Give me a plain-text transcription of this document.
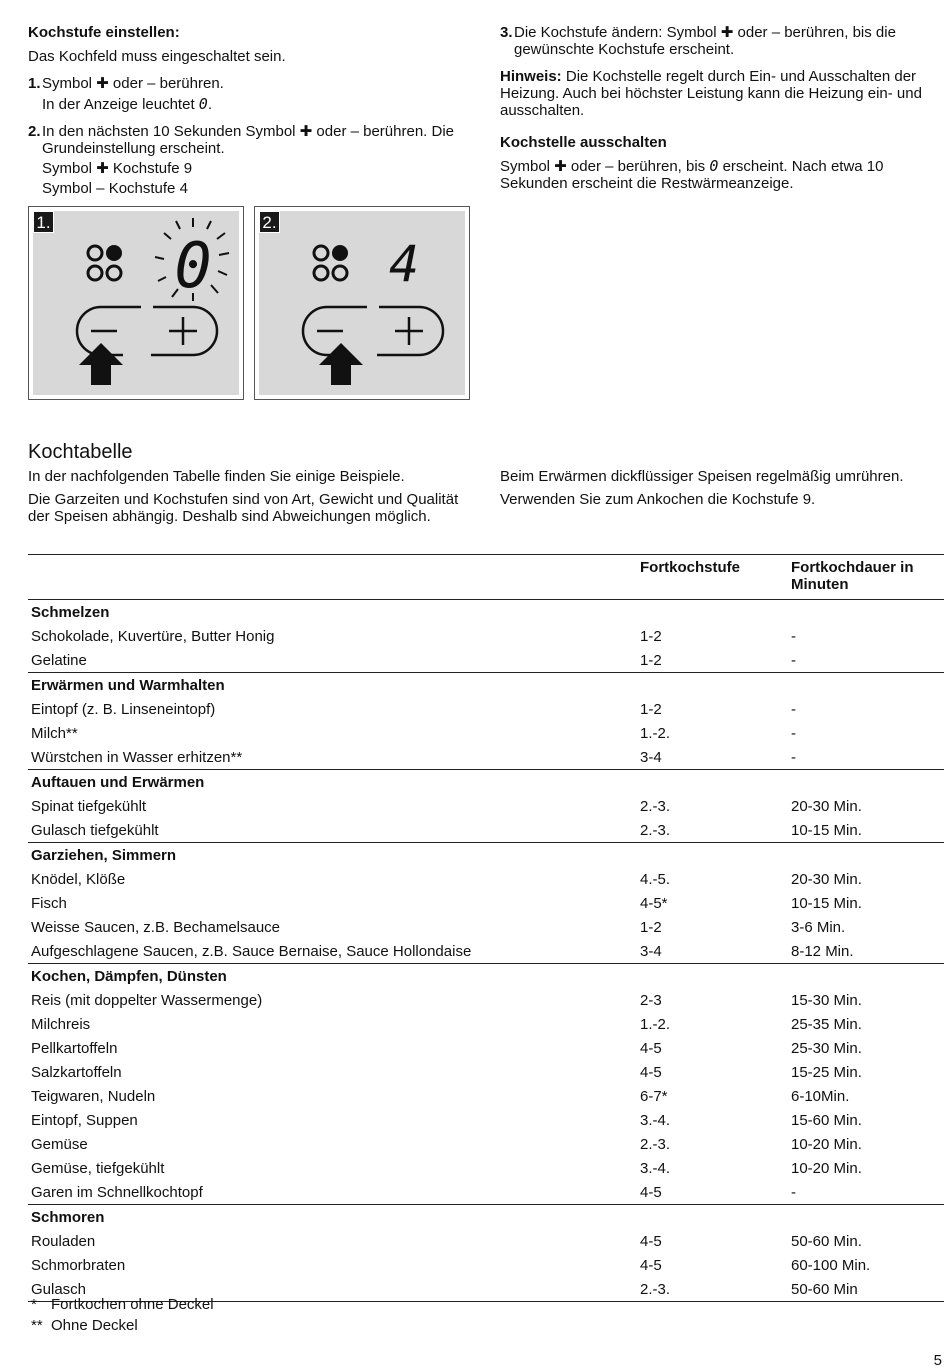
Kochstufe einstellen:

Das Kochfeld muss eingeschaltet sein.

1. Symbol ✚ oder ‒ berühren.

In der Anzeige leuchtet 0.

2. In den nächsten 10 Sekunden Symbol ✚ oder ‒ berühren. Die Grundeinstellung erscheint.

Symbol ✚ Kochstufe 9

Symbol ‒ Kochstufe 4

0
1.
4
2.
3. Die Kochstufe ändern: Symbol ✚ oder ‒ berühren, bis die gewünschte Kochstufe erscheint.

Hinweis: Die Kochstelle regelt durch Ein- und Ausschalten der Heizung. Auch bei höchster Leistung kann die Heizung ein- und ausschalten.

Kochstelle ausschalten

Symbol ✚ oder ‒ berühren, bis 0 erscheint. Nach etwa 10 Sekunden erscheint die Restwärmeanzeige.

Kochtabelle

In der nachfolgenden Tabelle finden Sie einige Beispiele.

Die Garzeiten und Kochstufen sind von Art, Gewicht und Qualität der Speisen abhängig. Deshalb sind Abweichungen möglich.

Beim Erwärmen dickflüssiger Speisen regelmäßig umrühren.

Verwenden Sie zum Ankochen die Kochstufe 9.

	Fortkochstufe	Fortkochdauer in Minuten
Schmelzen		
Schokolade, Kuvertüre, Butter Honig	1-2	-
Gelatine	1-2	-
Erwärmen und Warmhalten		
Eintopf (z. B. Linseneintopf)	1-2	-
Milch**	1.-2.	-
Würstchen in Wasser erhitzen**	3-4	-
Auftauen und Erwärmen		
Spinat tiefgekühlt	2.-3.	20-30 Min.
Gulasch tiefgekühlt	2.-3.	10-15 Min.
Garziehen, Simmern		
Knödel, Klöße	4.-5.	20-30 Min.
Fisch	4-5*	10-15 Min.
Weisse Saucen, z.B. Bechamelsauce	1-2	3-6 Min.
Aufgeschlagene Saucen, z.B. Sauce Bernaise, Sauce Hollondaise	3-4	8-12 Min.
Kochen, Dämpfen, Dünsten		
Reis (mit doppelter Wassermenge)	2-3	15-30 Min.
Milchreis	1.-2.	25-35 Min.
Pellkartoffeln	4-5	25-30 Min.
Salzkartoffeln	4-5	15-25 Min.
Teigwaren, Nudeln	6-7*	6-10Min.
Eintopf, Suppen	3.-4.	15-60 Min.
Gemüse	2.-3.	10-20 Min.
Gemüse, tiefgekühlt	3.-4.	10-20 Min.
Garen im Schnellkochtopf	4-5	-
Schmoren		
Rouladen	4-5	50-60 Min.
Schmorbraten	4-5	60-100 Min.
Gulasch	2.-3.	50-60 Min
* Fortkochen ohne Deckel
** Ohne Deckel
5
